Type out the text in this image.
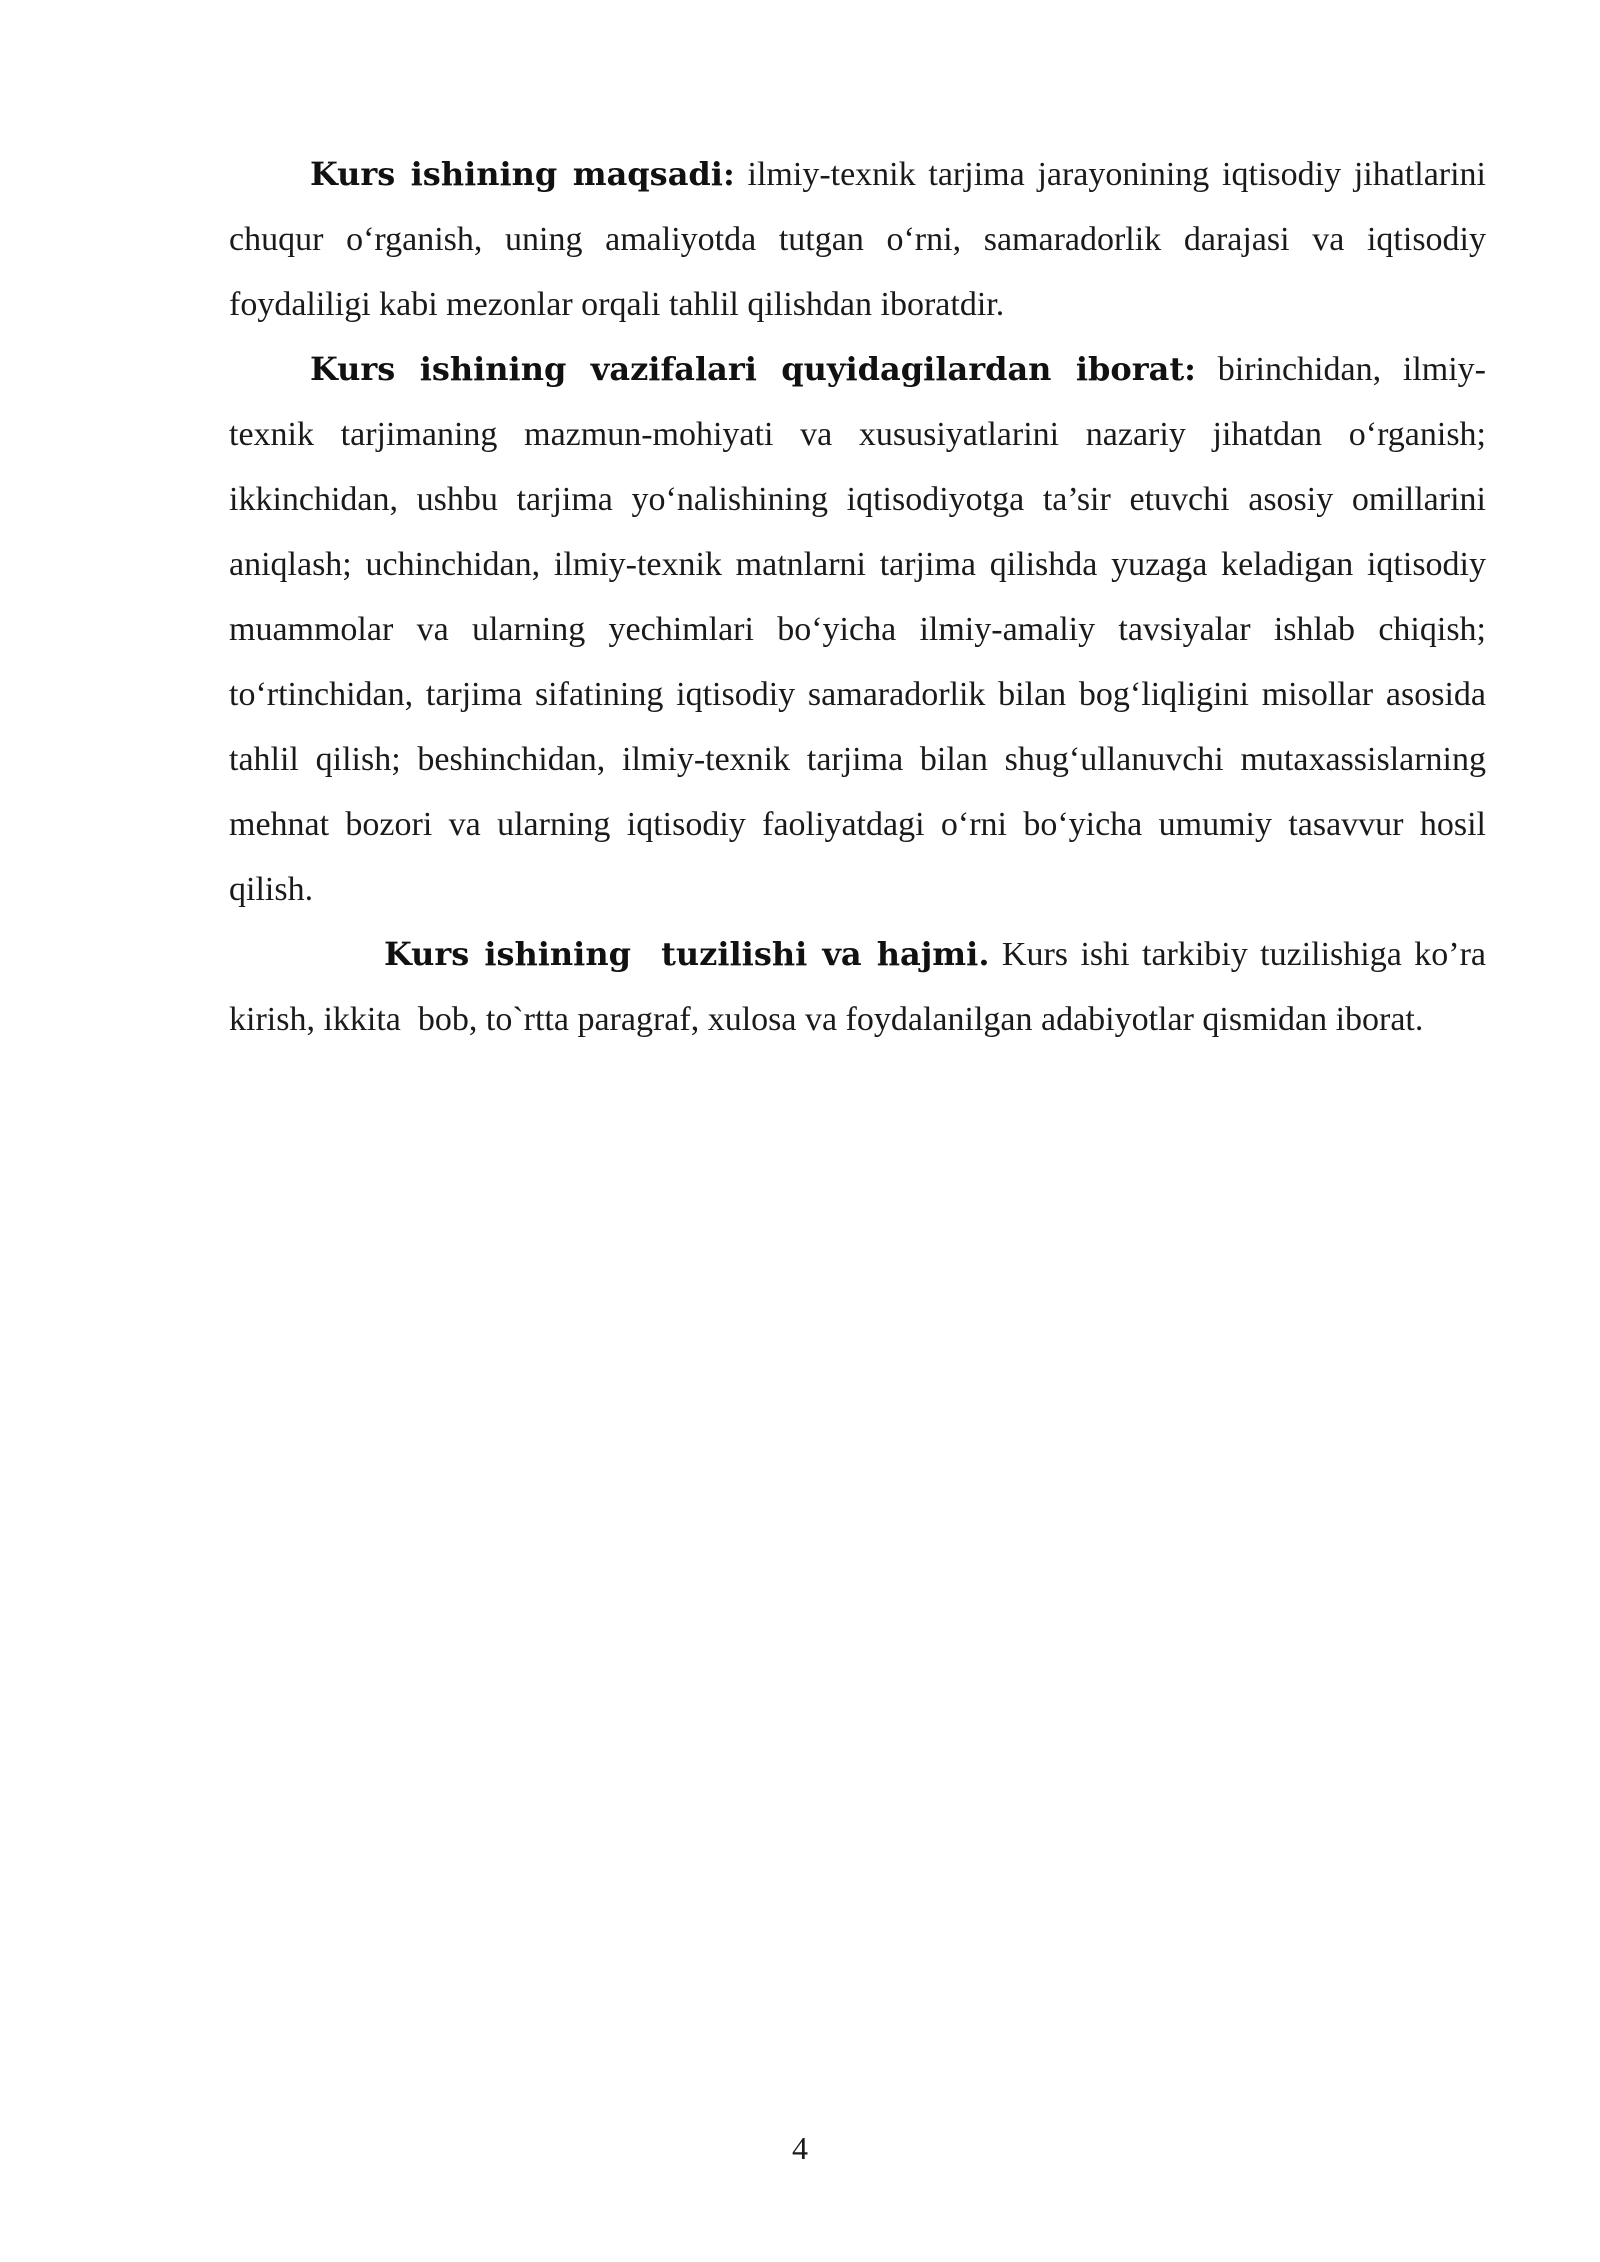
Kurs ishining maqsadi: ilmiy-texnik tarjima jarayonining iqtisodiy jihatlarini chuqur o‘rganish, uning amaliyotda tutgan o‘rni, samaradorlik darajasi va iqtisodiy foydaliligi kabi mezonlar orqali tahlil qilishdan iboratdir.

Kurs ishining vazifalari quyidagilardan iborat: birinchidan, ilmiy-texnik tarjimaning mazmun-mohiyati va xususiyatlarini nazariy jihatdan o‘rganish; ikkinchidan, ushbu tarjima yo‘nalishining iqtisodiyotga ta’sir etuvchi asosiy omillarini aniqlash; uchinchidan, ilmiy-texnik matnlarni tarjima qilishda yuzaga keladigan iqtisodiy muammolar va ularning yechimlari bo‘yicha ilmiy-amaliy tavsiyalar ishlab chiqish; to‘rtinchidan, tarjima sifatining iqtisodiy samaradorlik bilan bog‘liqligini misollar asosida tahlil qilish; beshinchidan, ilmiy-texnik tarjima bilan shug‘ullanuvchi mutaxassislarning mehnat bozori va ularning iqtisodiy faoliyatdagi o‘rni bo‘yicha umumiy tasavvur hosil qilish.

Kurs ishining  tuzilishi va hajmi. Kurs ishi tarkibiy tuzilishiga ko’ra kirish, ikkita  bob, to`rtta paragraf, xulosa va foydalanilgan adabiyotlar qismidan iborat.

4
